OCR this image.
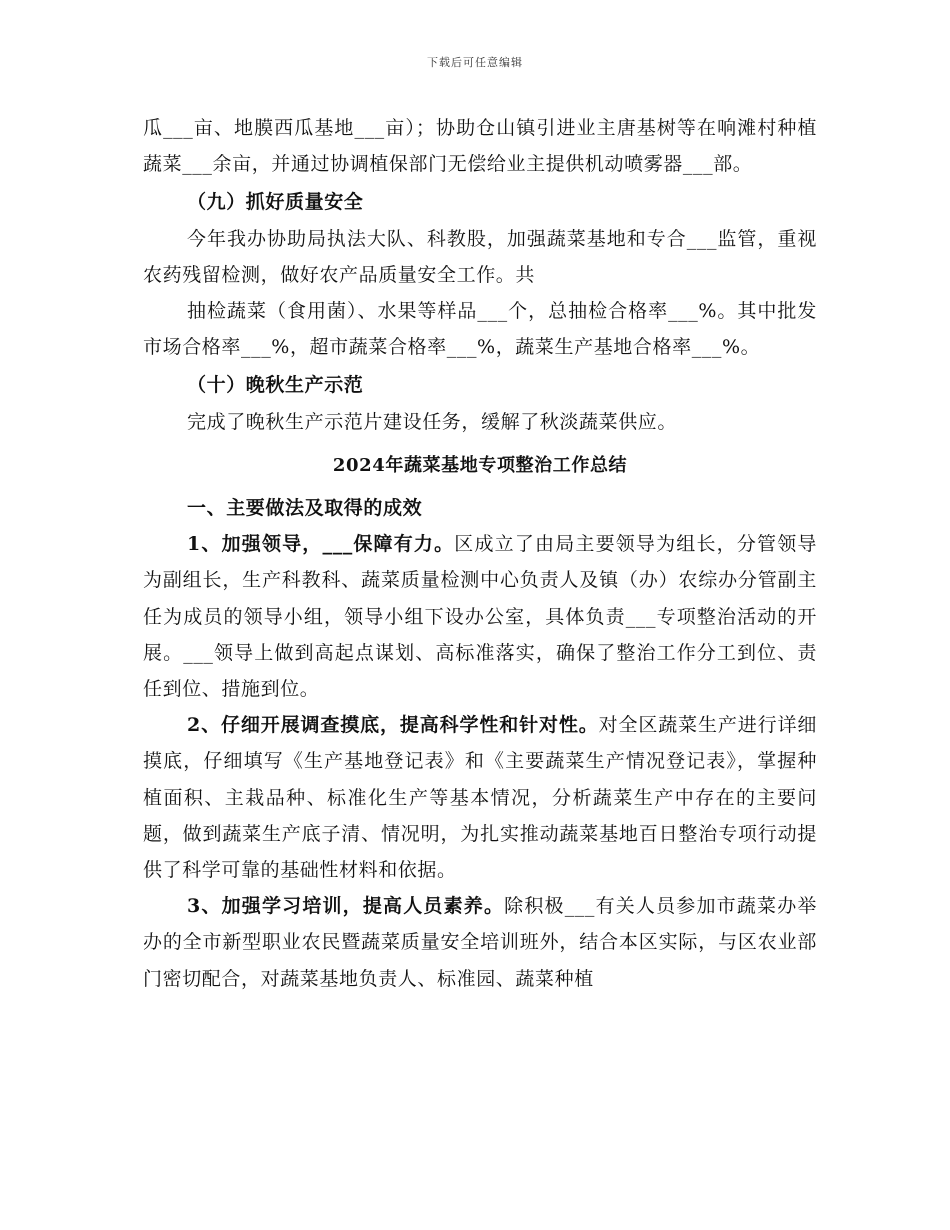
下载后可任意编辑

瓜___亩、地膜西瓜基地___亩）；协助仓山镇引进业主唐基树等在响滩村种植蔬菜___余亩，并通过协调植保部门无偿给业主提供机动喷雾器___部。

（九）抓好质量安全

今年我办协助局执法大队、科教股，加强蔬菜基地和专合___监管，重视农药残留检测，做好农产品质量安全工作。共

抽检蔬菜（食用菌）、水果等样品___个，总抽检合格率___%。其中批发市场合格率___%，超市蔬菜合格率___%，蔬菜生产基地合格率___%。

（十）晚秋生产示范

完成了晚秋生产示范片建设任务，缓解了秋淡蔬菜供应。

2024年蔬菜基地专项整治工作总结

一、主要做法及取得的成效

1、加强领导，___保障有力。区成立了由局主要领导为组长，分管领导为副组长，生产科教科、蔬菜质量检测中心负责人及镇（办）农综办分管副主任为成员的领导小组，领导小组下设办公室，具体负责___专项整治活动的开展。___领导上做到高起点谋划、高标准落实，确保了整治工作分工到位、责任到位、措施到位。

2、仔细开展调查摸底，提高科学性和针对性。对全区蔬菜生产进行详细摸底，仔细填写《生产基地登记表》和《主要蔬菜生产情况登记表》，掌握种植面积、主栽品种、标准化生产等基本情况，分析蔬菜生产中存在的主要问题，做到蔬菜生产底子清、情况明，为扎实推动蔬菜基地百日整治专项行动提供了科学可靠的基础性材料和依据。

3、加强学习培训，提高人员素养。除积极___有关人员参加市蔬菜办举办的全市新型职业农民暨蔬菜质量安全培训班外，结合本区实际，与区农业部门密切配合，对蔬菜基地负责人、标准园、蔬菜种植
